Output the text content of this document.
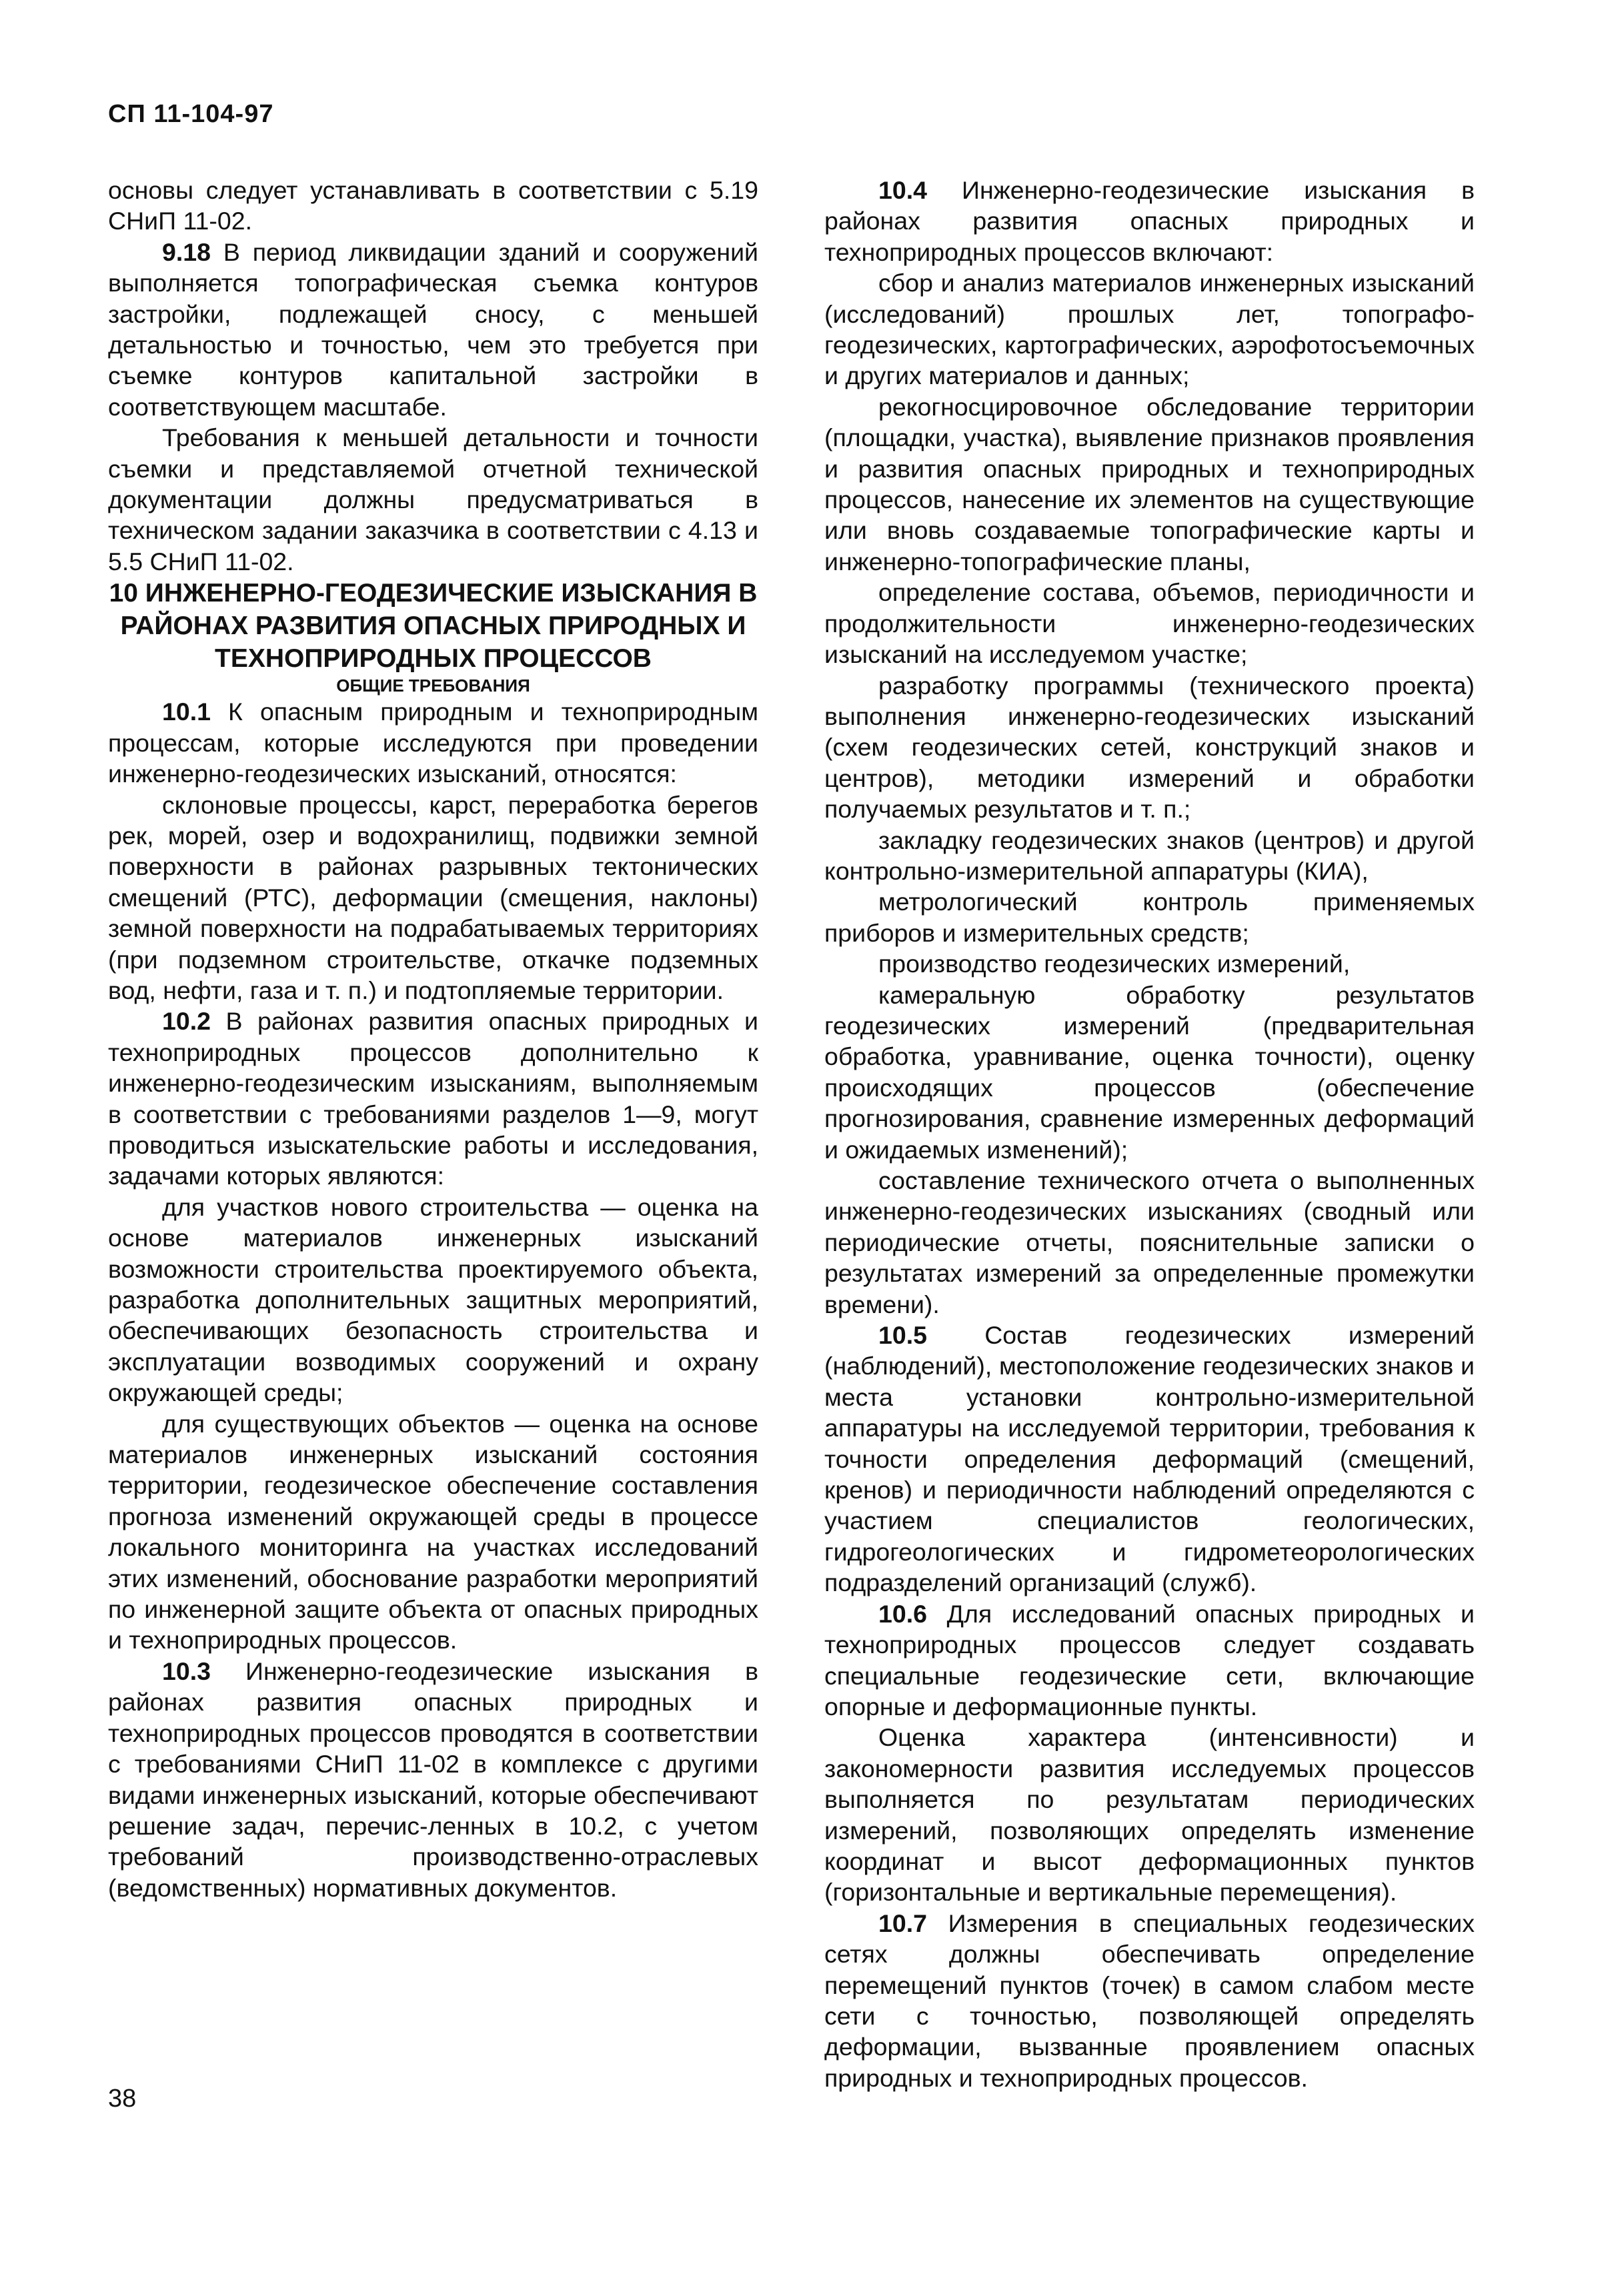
СП 11-104-97

основы следует устанавливать в соответствии с 5.19 СНиП 11-02.

9.18 В период ликвидации зданий и сооружений выполняется топографическая съемка контуров застройки, подлежащей сносу, с меньшей детальностью и точностью, чем это требуется при съемке контуров капитальной застройки в соответствующем масштабе.

Требования к меньшей детальности и точности съемки и представляемой отчетной технической документации должны предусматриваться в техническом задании заказчика в соответствии с 4.13 и 5.5 СНиП 11-02.

10 ИНЖЕНЕРНО-ГЕОДЕЗИЧЕСКИЕ ИЗЫСКАНИЯ В РАЙОНАХ РАЗВИТИЯ ОПАСНЫХ ПРИРОДНЫХ И ТЕХНОПРИРОДНЫХ ПРОЦЕССОВ

ОБЩИЕ ТРЕБОВАНИЯ

10.1 К опасным природным и технoприродным процессам, которые исследуются при проведении инженерно-геодезических изысканий, относятся:

склоновые процессы, карст, переработка берегов рек, морей, озер и водохранилищ, подвижки земной поверхности в районах разрывных тектонических смещений (РТС), деформации (смещения, наклоны) земной поверхности на подрабатываемых территориях (при подземном строительстве, откачке подземных вод, нефти, газа и т. п.) и подтопляемые территории.

10.2 В районах развития опасных природных и технoприродных процессов дополнительно к инженерно-геодезическим изысканиям, выполняемым в соответствии с требованиями разделов 1—9, могут проводиться изыскательские работы и исследования, задачами которых являются:

для участков нового строительства — оценка на основе материалов инженерных изысканий возможности строительства проектируемого объекта, разработка дополнительных защитных мероприятий, обеспечивающих безопасность строительства и эксплуатации возводимых сооружений и охрану окружающей среды;

для существующих объектов — оценка на основе материалов инженерных изысканий состояния территории, геодезическое обеспечение составления прогноза изменений окружающей среды в процессе локального мониторинга на участках исследований этих изменений, обоснование разработки мероприятий по инженерной защите объекта от опасных природных и технoприродных процессов.

10.3 Инженерно-геодезические изыскания в районах развития опасных природных и технoприродных процессов проводятся в соответствии с требованиями СНиП 11-02 в комплексе с другими видами инженерных изысканий, которые обеспечивают решение задач, перечис-ленных в 10.2, с учетом требований производственно-отраслевых (ведомственных) нормативных документов.

10.4 Инженерно-геодезические изыскания в районах развития опасных природных и технoприродных процессов включают:

сбор и анализ материалов инженерных изысканий (исследований) прошлых лет, топографо-геодезических, картографических, аэрофотосъемочных и других материалов и данных;

рекогносцировочное обследование территории (площадки, участка), выявление признаков проявления и развития опасных природных и технoприродных процессов, нанесение их элементов на существующие или вновь создаваемые топографические карты и инженерно-топографические планы,

определение состава, объемов, периодичности и продолжительности инженерно-геодезических изысканий на исследуемом участке;

разработку программы (технического проекта) выполнения инженерно-геодезических изысканий (схем геодезических сетей, конструкций знаков и центров), методики измерений и обработки получаемых результатов и т. п.;

закладку геодезических знаков (центров) и другой контрольно-измерительной аппаратуры (КИА),

метрологический контроль применяемых приборов и измерительных средств;

производство геодезических измерений,

камеральную обработку результатов геодезических измерений (предварительная обработка, уравнивание, оценка точности), оценку происходящих процессов (обеспечение прогнозирования, сравнение измеренных деформаций и ожидаемых изменений);

составление технического отчета о выполненных инженерно-геодезических изысканиях (сводный или периодические отчеты, пояснительные записки о результатах измерений за определенные промежутки времени).

10.5 Состав геодезических измерений (наблюдений), местоположение геодезических знаков и места установки контрольно-измерительной аппаратуры на исследуемой территории, требования к точности определения деформаций (смещений, кренов) и периодичности наблюдений определяются с участием специалистов геологических, гидрогеологических и гидрометеорологических подразделений организаций (служб).

10.6 Для исследований опасных природных и технoприродных процессов следует создавать специальные геодезические сети, включающие опорные и деформационные пункты.

Оценка характера (интенсивности) и закономерности развития исследуемых процессов выполняется по результатам периодических измерений, позволяющих определять изменение координат и высот деформационных пунктов (горизонтальные и вертикальные перемещения).

10.7 Измерения в специальных геодезических сетях должны обеспечивать определение перемещений пунктов (точек) в самом слабом месте сети с точностью, позволяющей определять деформации, вызванные проявлением опасных природных и технoприродных процессов.

38
